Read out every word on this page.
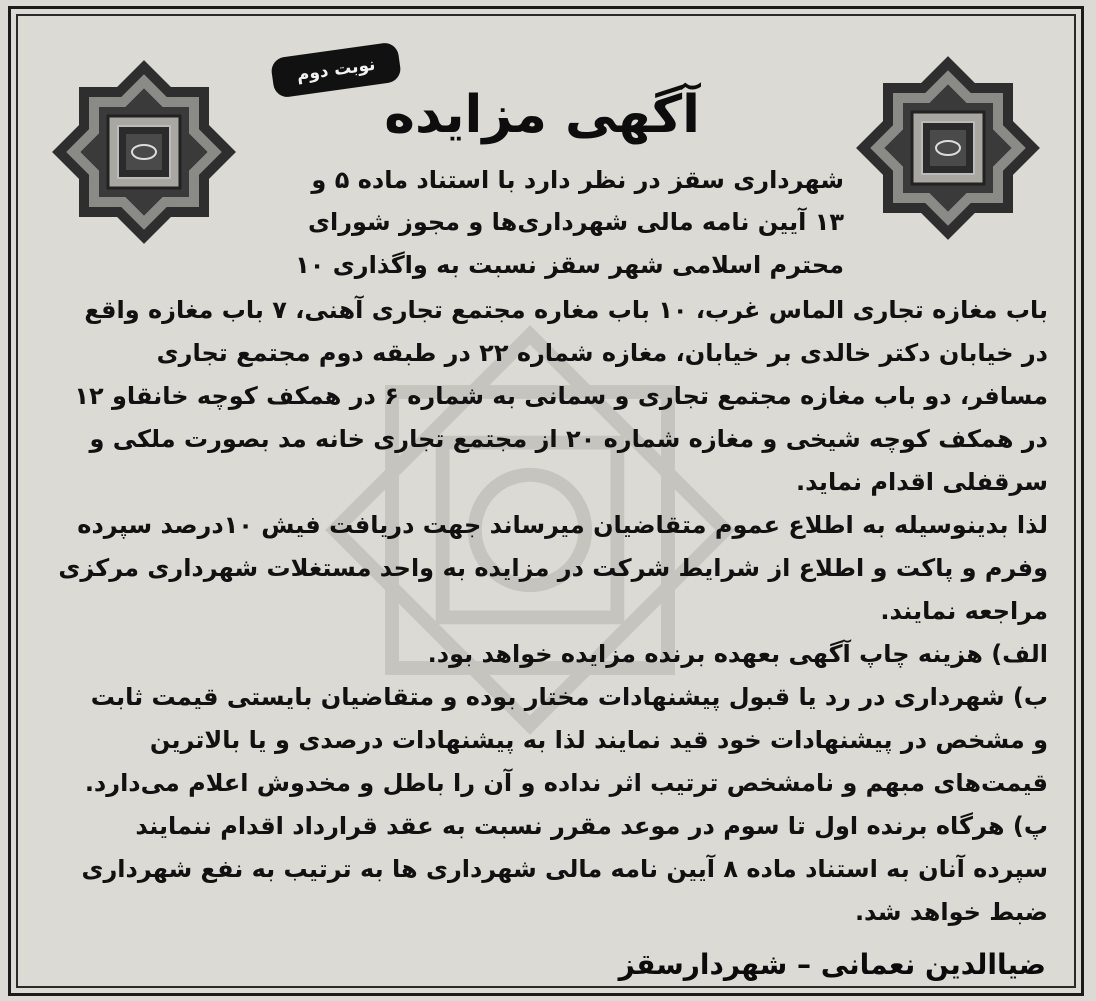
نوبت دوم
آگهی مزایده
شهرداری سقز در نظر دارد با استناد ماده ۵ و
۱۳ آیین نامه مالی شهرداری‌ها و مجوز شورای
محترم اسلامی شهر سقز نسبت به واگذاری ۱۰
باب مغازه تجاری الماس غرب، ۱۰ باب مغاره مجتمع تجاری آهنی، ۷ باب مغازه واقع
در خیابان دکتر خالدی بر خیابان، مغازه شماره ۲۲ در طبقه دوم مجتمع تجاری
مسافر، دو باب مغازه مجتمع تجاری و سمانی به شماره ۶ در همکف کوچه خانقاو ۱۲
در همکف کوچه شیخی و مغازه شماره ۲۰ از مجتمع تجاری خانه مد بصورت ملکی و
سرقفلی اقدام نماید.
لذا بدینوسیله به اطلاع عموم متقاضیان میرساند جهت دریافت فیش ۱۰درصد سپرده
وفرم و پاکت و اطلاع از شرایط شرکت در مزایده به واحد مستغلات شهرداری مرکزی
مراجعه نمایند.
الف) هزینه چاپ آگهی بعهده برنده مزایده خواهد بود.
ب) شهرداری در رد یا قبول پیشنهادات مختار بوده و متقاضیان بایستی قیمت ثابت
و مشخص در پیشنهادات خود قید نمایند لذا به پیشنهادات درصدی و یا بالاترین
قیمت‌های مبهم و نامشخص ترتیب اثر نداده و آن را باطل و مخدوش اعلام می‌دارد.
پ) هرگاه برنده اول تا سوم در موعد مقرر نسبت به عقد قرارداد اقدام ننمایند
سپرده آنان به استناد ماده ۸ آیین نامه مالی شهرداری ها به ترتیب به نفع شهرداری
ضبط خواهد شد.
ضیاالدین نعمانی – شهردارسقز
